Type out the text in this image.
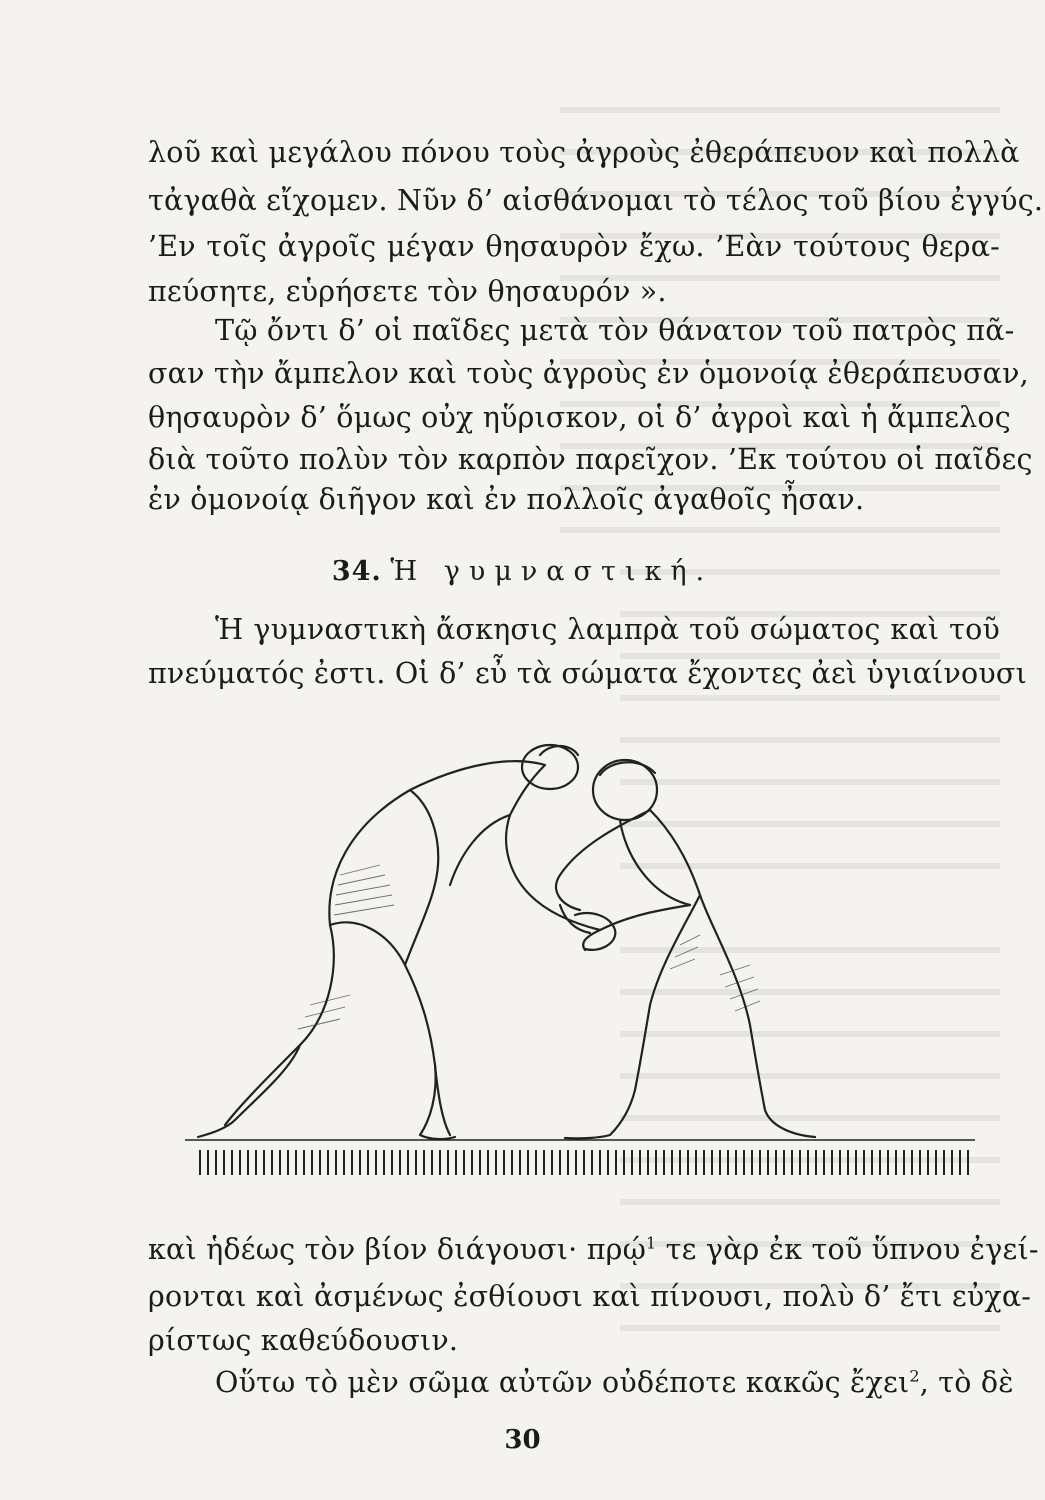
λοῦ καὶ μεγάλου πόνου τοὺς ἀγροὺς ἐθεράπευον καὶ πολλὰ
τἀγαθὰ εἴχομεν. Νῦν δ’ αἰσθάνομαι τὸ τέλος τοῦ βίου ἐγγύς.
’Εν τοῖς ἀγροῖς μέγαν θησαυρὸν ἔχω. ’Εὰν τούτους θερα-
πεύσητε, εὑρήσετε τὸν θησαυρόν ».
Τῷ ὄντι δ’ οἱ παῖδες μετὰ τὸν θάνατον τοῦ πατρὸς πᾶ-
σαν τὴν ἄμπελον καὶ τοὺς ἀγροὺς ἐν ὁμονοίᾳ ἐθεράπευσαν,
θησαυρὸν δ’ ὅμως οὐχ ηὕρισκον, οἱ δ’ ἀγροὶ καὶ ἡ ἄμπελος
διὰ τοῦτο πολὺν τὸν καρπὸν παρεῖχον. ’Εκ τούτου οἱ παῖδες
ἐν ὁμονοίᾳ διῆγον καὶ ἐν πολλοῖς ἀγαθοῖς ἦσαν.
34. Ἡ γυμναστική.
Ἡ γυμναστικὴ ἄσκησις λαμπρὰ τοῦ σώματος καὶ τοῦ
πνεύματός ἐστι. Οἱ δ’ εὖ τὰ σώματα ἔχοντες ἀεὶ ὑγιαίνουσι
καὶ ἡδέως τὸν βίον διάγουσι· πρῴ$^1$ τε γὰρ ἐκ τοῦ ὕπνου ἐγεί-
ρονται καὶ ἀσμένως ἐσθίουσι καὶ πίνουσι, πολὺ δ’ ἔτι εὐχα-
ρίστως καθεύδουσιν.
Οὕτω τὸ μὲν σῶμα αὐτῶν οὐδέποτε κακῶς ἔχει$^2$, τὸ δὲ
30
